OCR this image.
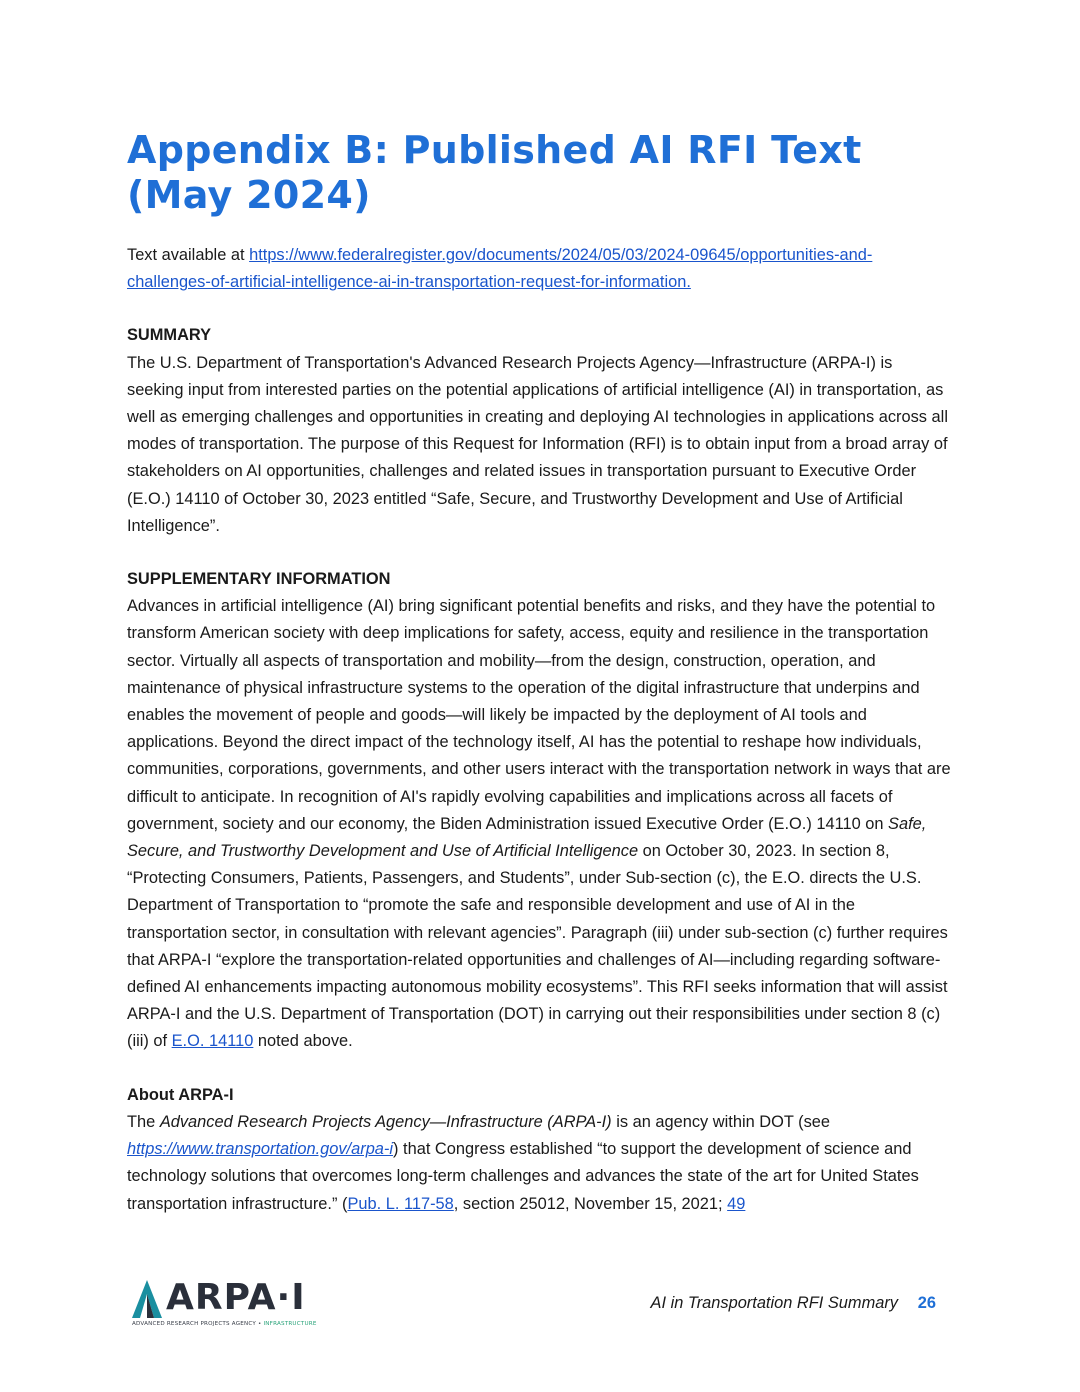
Appendix B: Published AI RFI Text (May 2024)
Text available at https://www.federalregister.gov/documents/2024/05/03/2024-09645/opportunities-and-challenges-of-artificial-intelligence-ai-in-transportation-request-for-information.
SUMMARY

The U.S. Department of Transportation's Advanced Research Projects Agency—Infrastructure (ARPA-I) is seeking input from interested parties on the potential applications of artificial intelligence (AI) in transportation, as well as emerging challenges and opportunities in creating and deploying AI technologies in applications across all modes of transportation. The purpose of this Request for Information (RFI) is to obtain input from a broad array of stakeholders on AI opportunities, challenges and related issues in transportation pursuant to Executive Order (E.O.) 14110 of October 30, 2023 entitled “Safe, Secure, and Trustworthy Development and Use of Artificial Intelligence”.

SUPPLEMENTARY INFORMATION

Advances in artificial intelligence (AI) bring significant potential benefits and risks, and they have the potential to transform American society with deep implications for safety, access, equity and resilience in the transportation sector. Virtually all aspects of transportation and mobility—from the design, construction, operation, and maintenance of physical infrastructure systems to the operation of the digital infrastructure that underpins and enables the movement of people and goods—will likely be impacted by the deployment of AI tools and applications. Beyond the direct impact of the technology itself, AI has the potential to reshape how individuals, communities, corporations, governments, and other users interact with the transportation network in ways that are difficult to anticipate. In recognition of AI's rapidly evolving capabilities and implications across all facets of government, society and our economy, the Biden Administration issued Executive Order (E.O.) 14110 on Safe, Secure, and Trustworthy Development and Use of Artificial Intelligence on October 30, 2023. In section 8, “Protecting Consumers, Patients, Passengers, and Students”, under Sub-section (c), the E.O. directs the U.S. Department of Transportation to “promote the safe and responsible development and use of AI in the transportation sector, in consultation with relevant agencies”. Paragraph (iii) under sub-section (c) further requires that ARPA-I “explore the transportation-related opportunities and challenges of AI—including regarding software-defined AI enhancements impacting autonomous mobility ecosystems”. This RFI seeks information that will assist ARPA-I and the U.S. Department of Transportation (DOT) in carrying out their responsibilities under section 8 (c)(iii) of E.O. 14110 noted above.

About ARPA-I

The Advanced Research Projects Agency—Infrastructure (ARPA-I) is an agency within DOT (see https://www.transportation.gov/arpa-i) that Congress established “to support the development of science and technology solutions that overcomes long-term challenges and advances the state of the art for United States transportation infrastructure.” (Pub. L. 117-58, section 25012, November 15, 2021; 49

ARPA·I
ADVANCED RESEARCH PROJECTS AGENCY • INFRASTRUCTURE
AI in Transportation RFI Summary 26
